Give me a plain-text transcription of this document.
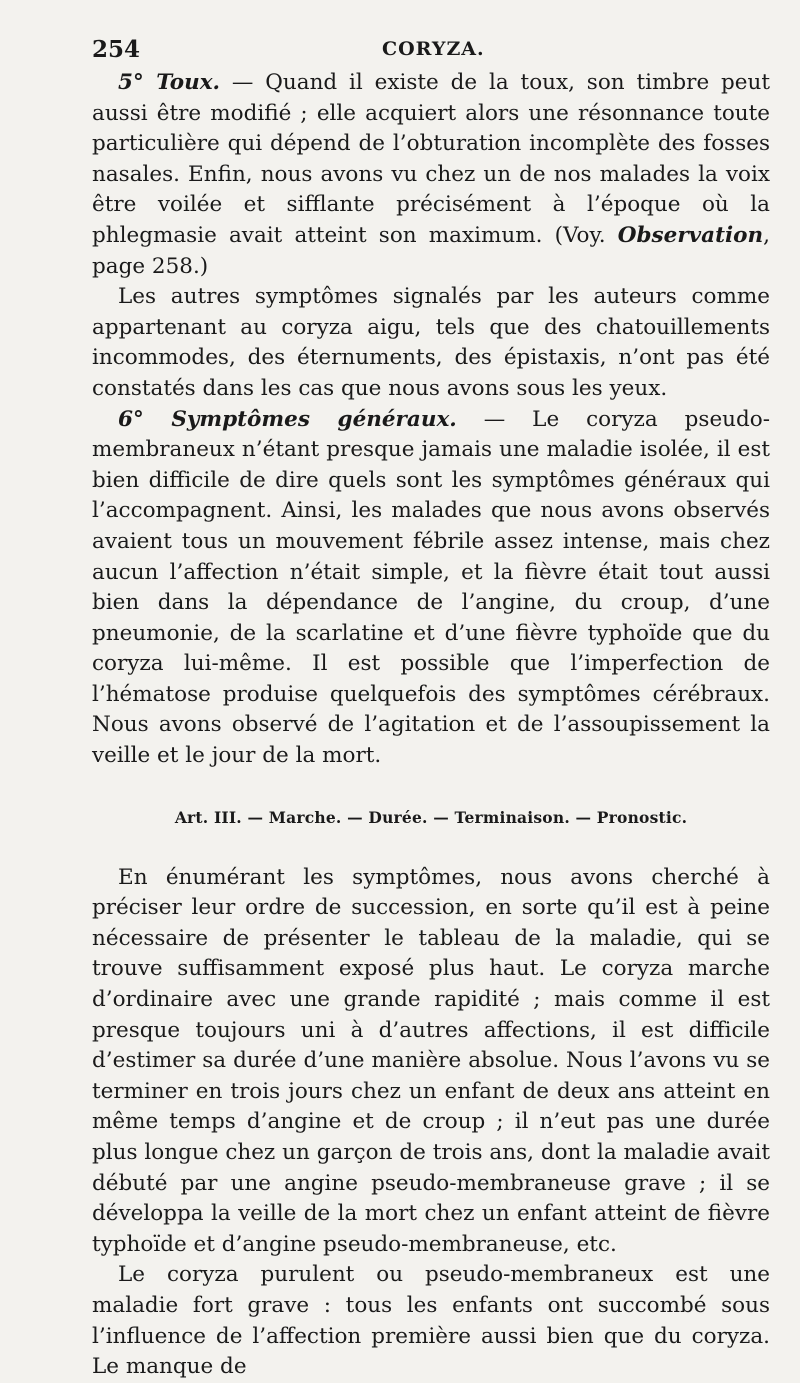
254	CORYZA.

5° Toux. — Quand il existe de la toux, son timbre peut aussi être modifié ; elle acquiert alors une résonnance toute particulière qui dépend de l’obturation incomplète des fosses nasales. Enfin, nous avons vu chez un de nos malades la voix être voilée et sifflante précisément à l’époque où la phlegmasie avait atteint son maximum. (Voy. Observation, page 258.)

Les autres symptômes signalés par les auteurs comme appartenant au coryza aigu, tels que des chatouillements incommodes, des éternuments, des épistaxis, n’ont pas été constatés dans les cas que nous avons sous les yeux.

6° Symptômes généraux. — Le coryza pseudo-membraneux n’étant presque jamais une maladie isolée, il est bien difficile de dire quels sont les symptômes généraux qui l’accompagnent. Ainsi, les malades que nous avons observés avaient tous un mouvement fébrile assez intense, mais chez aucun l’affection n’était simple, et la fièvre était tout aussi bien dans la dépendance de l’angine, du croup, d’une pneumonie, de la scarlatine et d’une fièvre typhoïde que du coryza lui-même. Il est possible que l’imperfection de l’hématose produise quelquefois des symptômes cérébraux. Nous avons observé de l’agitation et de l’assoupissement la veille et le jour de la mort.

Art. III. — Marche. — Durée. — Terminaison. — Pronostic.

En énumérant les symptômes, nous avons cherché à préciser leur ordre de succession, en sorte qu’il est à peine nécessaire de présenter le tableau de la maladie, qui se trouve suffisamment exposé plus haut. Le coryza marche d’ordinaire avec une grande rapidité ; mais comme il est presque toujours uni à d’autres affections, il est difficile d’estimer sa durée d’une manière absolue. Nous l’avons vu se terminer en trois jours chez un enfant de deux ans atteint en même temps d’angine et de croup ; il n’eut pas une durée plus longue chez un garçon de trois ans, dont la maladie avait débuté par une angine pseudo-membraneuse grave ; il se développa la veille de la mort chez un enfant atteint de fièvre typhoïde et d’angine pseudo-membraneuse, etc.

Le coryza purulent ou pseudo-membraneux est une maladie fort grave : tous les enfants ont succombé sous l’influence de l’affection première aussi bien que du coryza. Le manque de
